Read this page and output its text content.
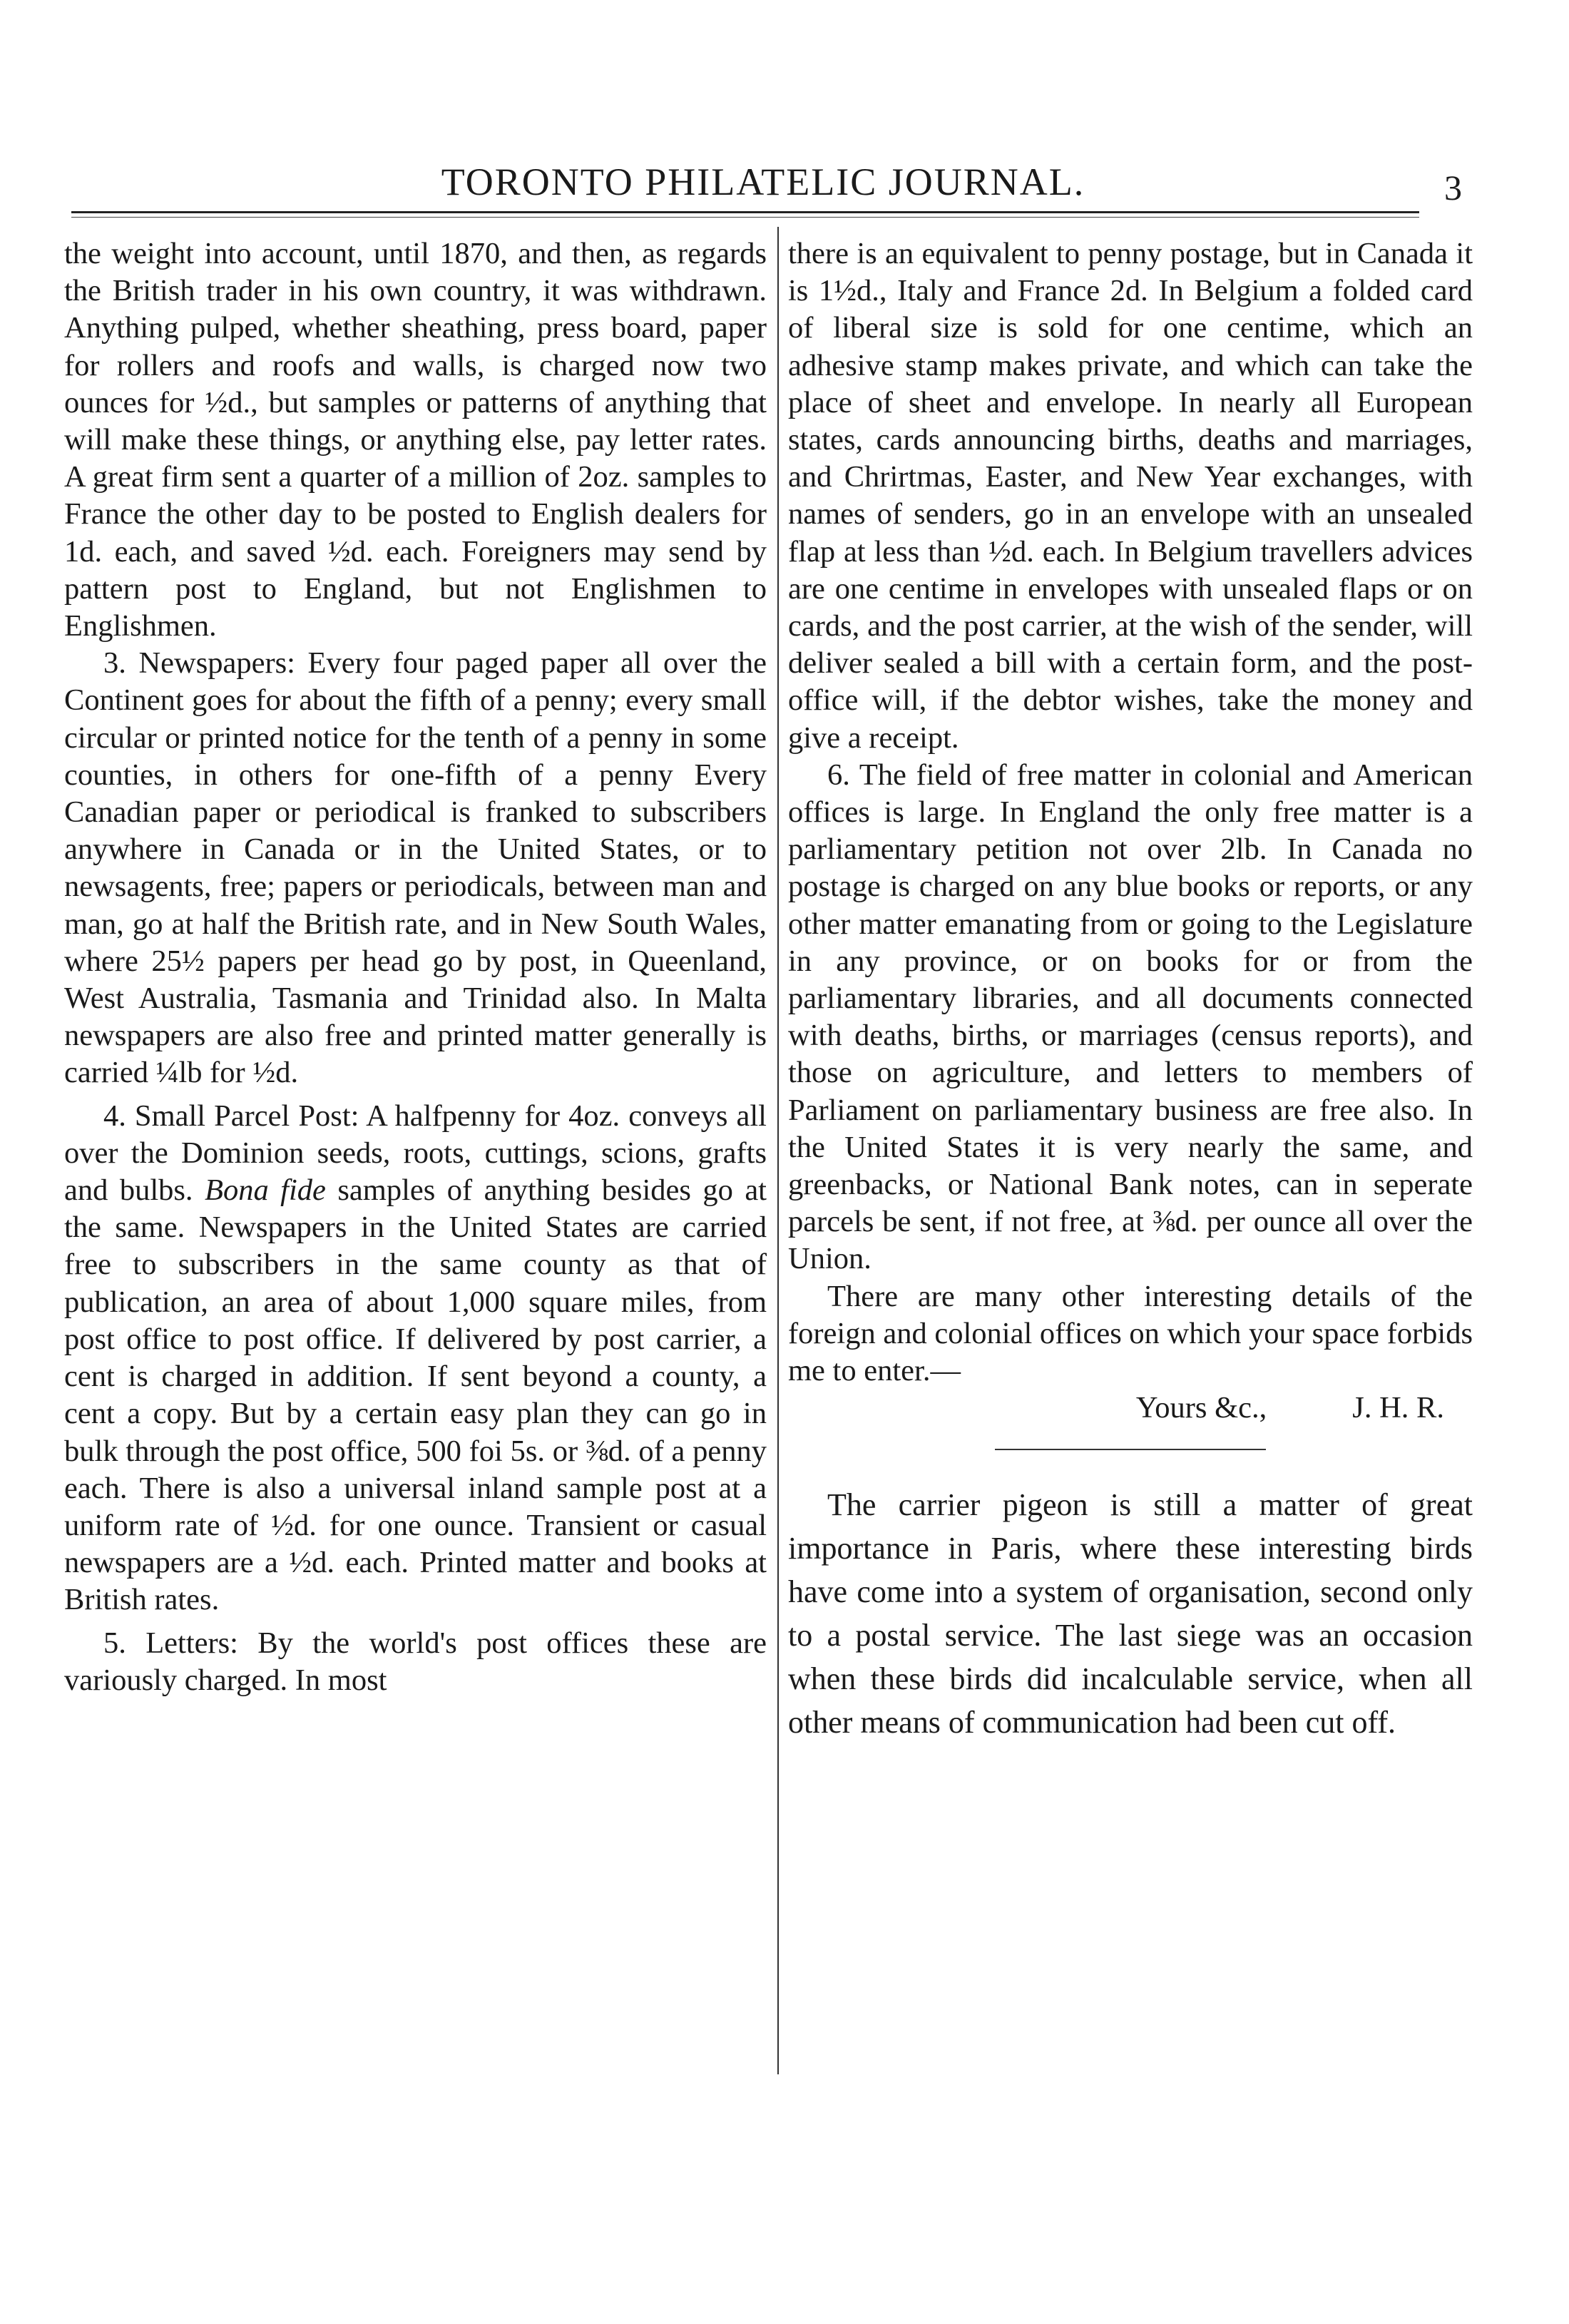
TORONTO PHILATELIC JOURNAL.	3

the weight into account, until 1870, and then, as regards the British trader in his own country, it was withdrawn. Anything pulped, whether sheathing, press board, paper for rollers and roofs and walls, is charged now two ounces for ½d., but samples or patterns of anything that will make these things, or anything else, pay letter rates. A great firm sent a quarter of a million of 2oz. samples to France the other day to be posted to English dealers for 1d. each, and saved ½d. each. Foreigners may send by pattern post to England, but not Englishmen to Englishmen.

3. Newspapers: Every four paged paper all over the Continent goes for about the fifth of a penny; every small circular or printed notice for the tenth of a penny in some counties, in others for one-fifth of a penny Every Canadian paper or periodical is franked to subscribers anywhere in Canada or in the United States, or to newsagents, free; papers or periodicals, between man and man, go at half the British rate, and in New South Wales, where 25½ papers per head go by post, in Queenland, West Australia, Tasmania and Trinidad also. In Malta newspapers are also free and printed matter generally is carried ¼lb for ½d.

4. Small Parcel Post: A halfpenny for 4oz. conveys all over the Dominion seeds, roots, cuttings, scions, grafts and bulbs. Bona fide samples of anything besides go at the same. Newspapers in the United States are carried free to subscribers in the same county as that of publication, an area of about 1,000 square miles, from post office to post office. If delivered by post carrier, a cent is charged in addition. If sent beyond a county, a cent a copy. But by a certain easy plan they can go in bulk through the post office, 500 foi 5s. or ⅜d. of a penny each. There is also a universal inland sample post at a uniform rate of ½d. for one ounce. Transient or casual newspapers are a ½d. each. Printed matter and books at British rates.

5. Letters: By the world's post offices these are variously charged. In most

there is an equivalent to penny postage, but in Canada it is 1½d., Italy and France 2d. In Belgium a folded card of liberal size is sold for one centime, which an adhesive stamp makes private, and which can take the place of sheet and envelope. In nearly all European states, cards announcing births, deaths and marriages, and Chrirtmas, Easter, and New Year exchanges, with names of senders, go in an envelope with an unsealed flap at less than ½d. each. In Belgium travellers advices are one centime in envelopes with unsealed flaps or on cards, and the post carrier, at the wish of the sender, will deliver sealed a bill with a certain form, and the post-office will, if the debtor wishes, take the money and give a receipt.

6. The field of free matter in colonial and American offices is large. In England the only free matter is a parliamentary petition not over 2lb. In Canada no postage is charged on any blue books or reports, or any other matter emanating from or going to the Legislature in any province, or on books for or from the parliamentary libraries, and all documents connected with deaths, births, or marriages (census reports), and those on agriculture, and letters to members of Parliament on parliamentary business are free also. In the United States it is very nearly the same, and greenbacks, or National Bank notes, can in seperate parcels be sent, if not free, at ⅜d. per ounce all over the Union.

There are many other interesting details of the foreign and colonial offices on which your space forbids me to enter.—

Yours &c.,	J. H. R.

The carrier pigeon is still a matter of great importance in Paris, where these interesting birds have come into a system of organisation, second only to a postal service. The last siege was an occasion when these birds did incalculable service, when all other means of communication had been cut off.
